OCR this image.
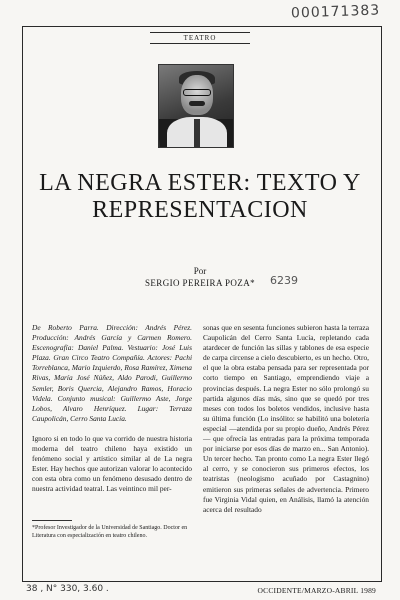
000171383
TEATRO
LA NEGRA ESTER: TEXTO Y REPRESENTACION
Por
SERGIO PEREIRA POZA*	6239

De Roberto Parra. Dirección: Andrés Pérez. Producción: Andrés García y Carmen Romero. Escenografía: Daniel Palma. Vestuario: José Luis Plaza. Gran Circo Teatro Compañía. Actores: Pachi Torreblanca, Mario Izquierdo, Rosa Ramírez, Ximena Rivas, María José Núñez, Aldo Parodi, Guillermo Semler, Boris Quercia, Alejandro Ramos, Horacio Videla. Conjunto musical: Guillermo Aste, Jorge Lobos, Alvaro Henríquez. Lugar: Terraza Caupolicán, Cerro Santa Lucía.

Ignoro si en todo lo que va corrido de nuestra historia moderna del teatro chileno haya existido un fenómeno social y artístico similar al de La negra Ester. Hay hechos que autorizan valorar lo acontecido con esta obra como un fenómeno desusado dentro de nuestra actividad teatral. Las veintinco mil per-

*Profesor Investigador de la Universidad de Santiago. Doctor en Literatura con especialización en teatro chileno.

sonas que en sesenta funciones subieron hasta la terraza Caupolicán del Cerro Santa Lucía, repletando cada atardecer de función las sillas y tablones de esa especie de carpa circense a cielo descubierto, es un hecho. Otro, el que la obra estaba pensada para ser representada por corto tiempo en Santiago, emprendiendo viaje a provincias después. La negra Ester no sólo prolongó su partida algunos días más, sino que se quedó por tres meses con todos los boletos vendidos, inclusive hasta su última función (Lo insólito: se habilitó una boletería especial —atendida por su propio dueño, Andrés Pérez— que ofrecía las entradas para la próxima temporada por iniciarse por esos días de marzo en... San Antonio). Un tercer hecho. Tan pronto como La negra Ester llegó al cerro, y se conocieron sus primeros efectos, los teatristas (neologismo acuñado por Castagnino) emitieron sus primeras señales de advertencia. Primero fue Virginia Vidal quien, en Análisis, llamó la atención acerca del resultado

38 , N° 330, 3.60 .	OCCIDENTE/MARZO-ABRIL 1989
